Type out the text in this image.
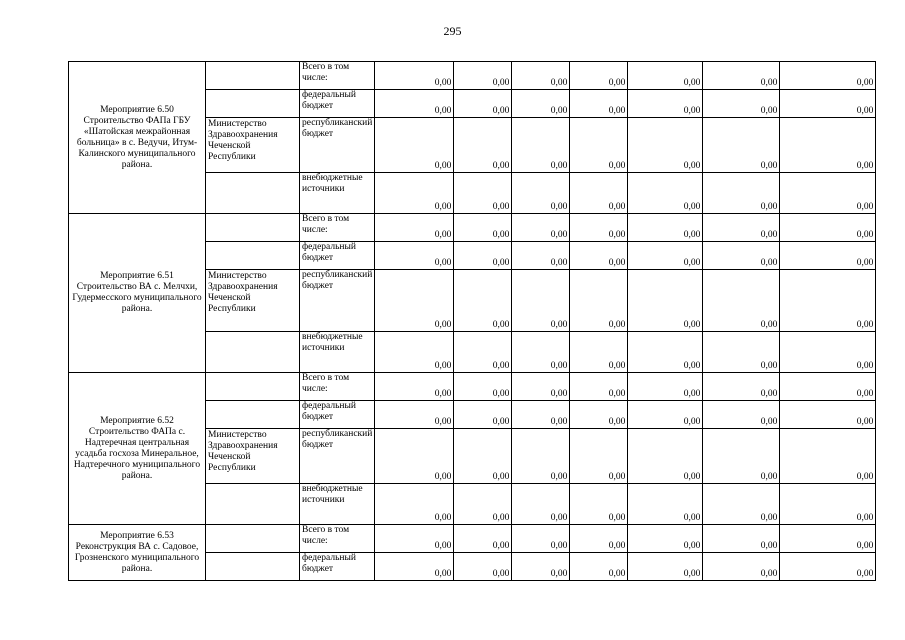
295
Мероприятие 6.50 Строительство ФАПа ГБУ «Шатойская межрайонная больница» в с. Ведучи, Итум-Калинского муниципального района.		Всего в том числе:	0,00	0,00	0,00	0,00	0,00	0,00	0,00
		федеральный бюджет	0,00	0,00	0,00	0,00	0,00	0,00	0,00

	Министерство Здравоохранения Чеченской Республики	республиканский бюджет	0,00	0,00	0,00	0,00	0,00	0,00	0,00
		внебюджетные источники	0,00	0,00	0,00	0,00	0,00	0,00	0,00
Мероприятие 6.51 Строительство ВА с. Мелчхи, Гудермесского муниципального района.		Всего в том числе:	0,00	0,00	0,00	0,00	0,00	0,00	0,00
		федеральный бюджет	0,00	0,00	0,00	0,00	0,00	0,00	0,00

	Министерство Здравоохранения Чеченской Республики	республиканский бюджет	0,00	0,00	0,00	0,00	0,00	0,00	0,00
		внебюджетные источники	0,00	0,00	0,00	0,00	0,00	0,00	0,00
Мероприятие 6.52 Строительство ФАПа с. Надтеречная центральная усадьба госхоза Минеральное, Надтеречного муниципального района.		Всего в том числе:	0,00	0,00	0,00	0,00	0,00	0,00	0,00
		федеральный бюджет	0,00	0,00	0,00	0,00	0,00	0,00	0,00

	Министерство Здравоохранения Чеченской Республики	республиканский бюджет	0,00	0,00	0,00	0,00	0,00	0,00	0,00
		внебюджетные источники	0,00	0,00	0,00	0,00	0,00	0,00	0,00
Мероприятие 6.53 Реконструкция ВА с. Садовое, Грозненского муниципального района.		Всего в том числе:	0,00	0,00	0,00	0,00	0,00	0,00	0,00
		федеральный бюджет	0,00	0,00	0,00	0,00	0,00	0,00	0,00
